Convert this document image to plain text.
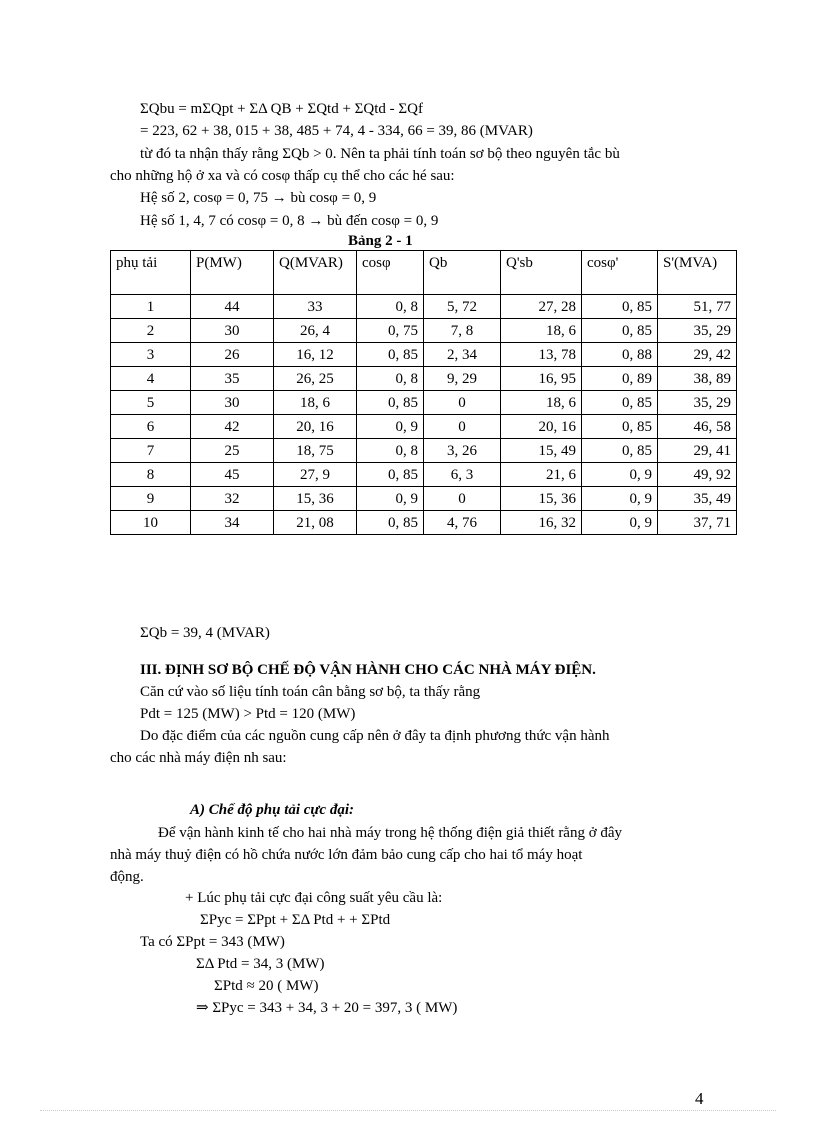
ΣQbu = mΣQpt + ΣΔ QB + ΣQtd + ΣQtd - ΣQf
= 223, 62 + 38, 015 + 38, 485 + 74, 4 - 334, 66 = 39, 86 (MVAR)
từ đó ta nhận thấy rằng ΣQb > 0. Nên ta phải tính toán sơ bộ theo nguyên tắc bù
cho những hộ ở xa và có cosφ thấp cụ thể cho các hé sau:
Hệ số 2, cosφ = 0, 75 → bù cosφ = 0, 9
Hệ số 1, 4, 7 có cosφ = 0, 8 → bù đến cosφ = 0, 9
Bảng 2 - 1
phụ tải	P(MW)	Q(MVAR)	cosφ	Qb	Q'sb	cosφ'	S'(MVA)
1	44	33	0, 8	5, 72	27, 28	0, 85	51, 77
2	30	26, 4	0, 75	7, 8	18, 6	0, 85	35, 29
3	26	16, 12	0, 85	2, 34	13, 78	0, 88	29, 42
4	35	26, 25	0, 8	9, 29	16, 95	0, 89	38, 89
5	30	18, 6	0, 85	0	18, 6	0, 85	35, 29
6	42	20, 16	0, 9	0	20, 16	0, 85	46, 58
7	25	18, 75	0, 8	3, 26	15, 49	0, 85	29, 41
8	45	27, 9	0, 85	6, 3	21, 6	0, 9	49, 92
9	32	15, 36	0, 9	0	15, 36	0, 9	35, 49
10	34	21, 08	0, 85	4, 76	16, 32	0, 9	37, 71
ΣQb = 39, 4 (MVAR)
III. ĐỊNH SƠ BỘ CHẾ ĐỘ VẬN HÀNH CHO CÁC NHÀ MÁY ĐIỆN.
Căn cứ vào số liệu tính toán cân bằng sơ bộ, ta thấy rằng
Pdt = 125 (MW) > Ptd = 120 (MW)
Do đặc điểm của các nguồn cung cấp nên ở đây ta định phương thức vận hành
cho các nhà máy điện nh sau:
A) Chế độ phụ tải cực đại:
Để vận hành kinh tế cho hai nhà máy trong hệ thống điện giả thiết rằng ở đây
nhà máy thuỷ điện có hồ chứa nước lớn đảm bảo cung cấp cho hai tổ máy hoạt
động.
+ Lúc phụ tải cực đại công suất yêu cầu là:
ΣPyc = ΣPpt + ΣΔ Ptd + + ΣPtd
Ta có ΣPpt = 343 (MW)
ΣΔ Ptd = 34, 3 (MW)
ΣPtd ≈ 20 ( MW)
⇒ ΣPyc = 343 + 34, 3 + 20 = 397, 3 ( MW)
4
